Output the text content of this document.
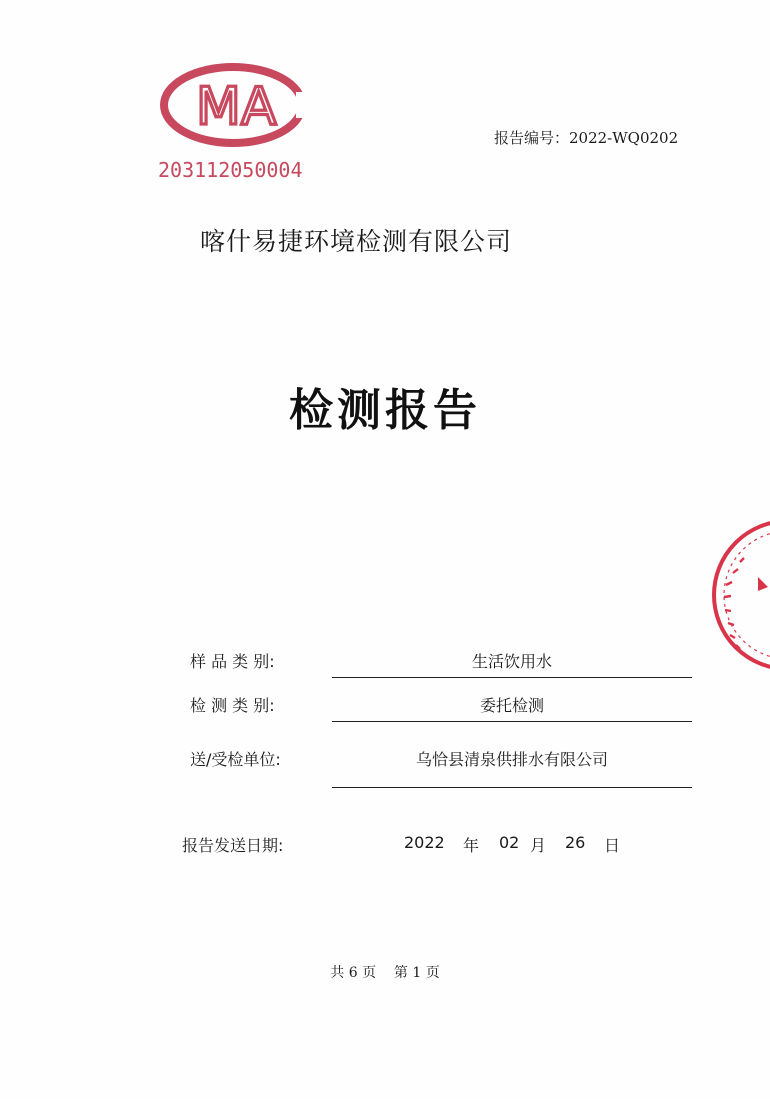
MA
203112050004
报告编号：2022-WQ0202
喀什易捷环境检测有限公司
检测报告
样 品 类 别:	生活饮用水
检 测 类 别:	委托检测
送/受检单位:	乌恰县清泉供排水有限公司
报告发送日期:	2022 年 02 月 26 日
共 6 页 第 1 页
